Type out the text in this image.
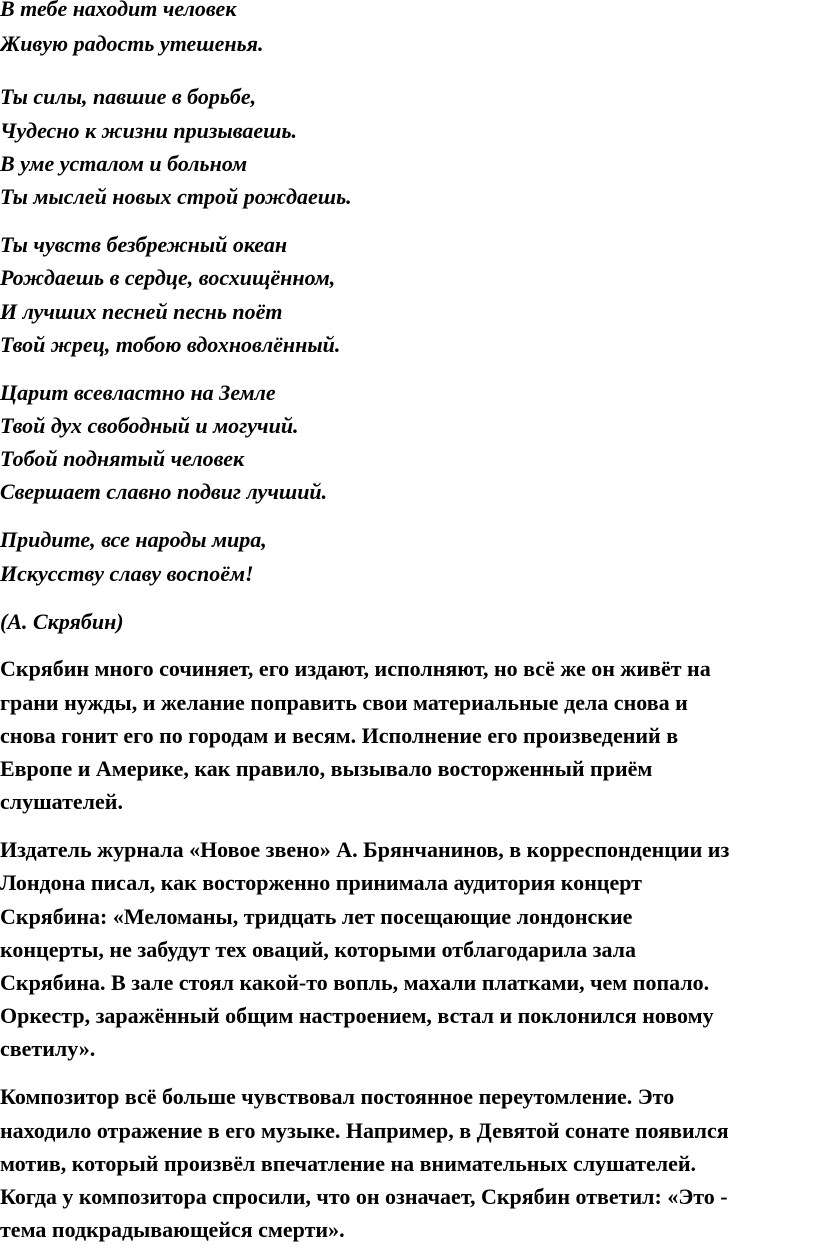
В тебе находит человек
Живую радость утешенья.
Ты силы, павшие в борьбе,
Чудесно к жизни призываешь.
В уме усталом и больном
Ты мыслей новых строй рождаешь.
Ты чувств безбрежный океан
Рождаешь в сердце, восхищённом,
И лучших песней песнь поёт
Твой жрец, тобою вдохновлённый.
Царит всевластно на Земле
Твой дух свободный и могучий.
Тобой поднятый человек
Свершает славно подвиг лучший.
Придите, все народы мира,
Искусству славу воспоём!
(А. Скрябин)
Скрябин много сочиняет, его издают, исполняют, но всё же он живёт на
грани нужды, и желание поправить свои материальные дела снова и
снова гонит его по городам и весям. Исполнение его произведений в
Европе и Америке, как правило, вызывало восторженный приём
слушателей.
Издатель журнала «Новое звено» А. Брянчанинов, в корреспонденции из
Лондона писал, как восторженно принимала аудитория концерт
Скрябина: «Меломаны, тридцать лет посещающие лондонские
концерты, не забудут тех оваций, которыми отблагодарила зала
Скрябина. В зале стоял какой-то вопль, махали платками, чем попало.
Оркестр, заражённый общим настроением, встал и поклонился новому
светилу».
Композитор всё больше чувствовал постоянное переутомление. Это
находило отражение в его музыке. Например, в Девятой сонате появился
мотив, который произвёл впечатление на внимательных слушателей.
Когда у композитора спросили, что он означает, Скрябин ответил: «Это -
тема подкрадывающейся смерти».
